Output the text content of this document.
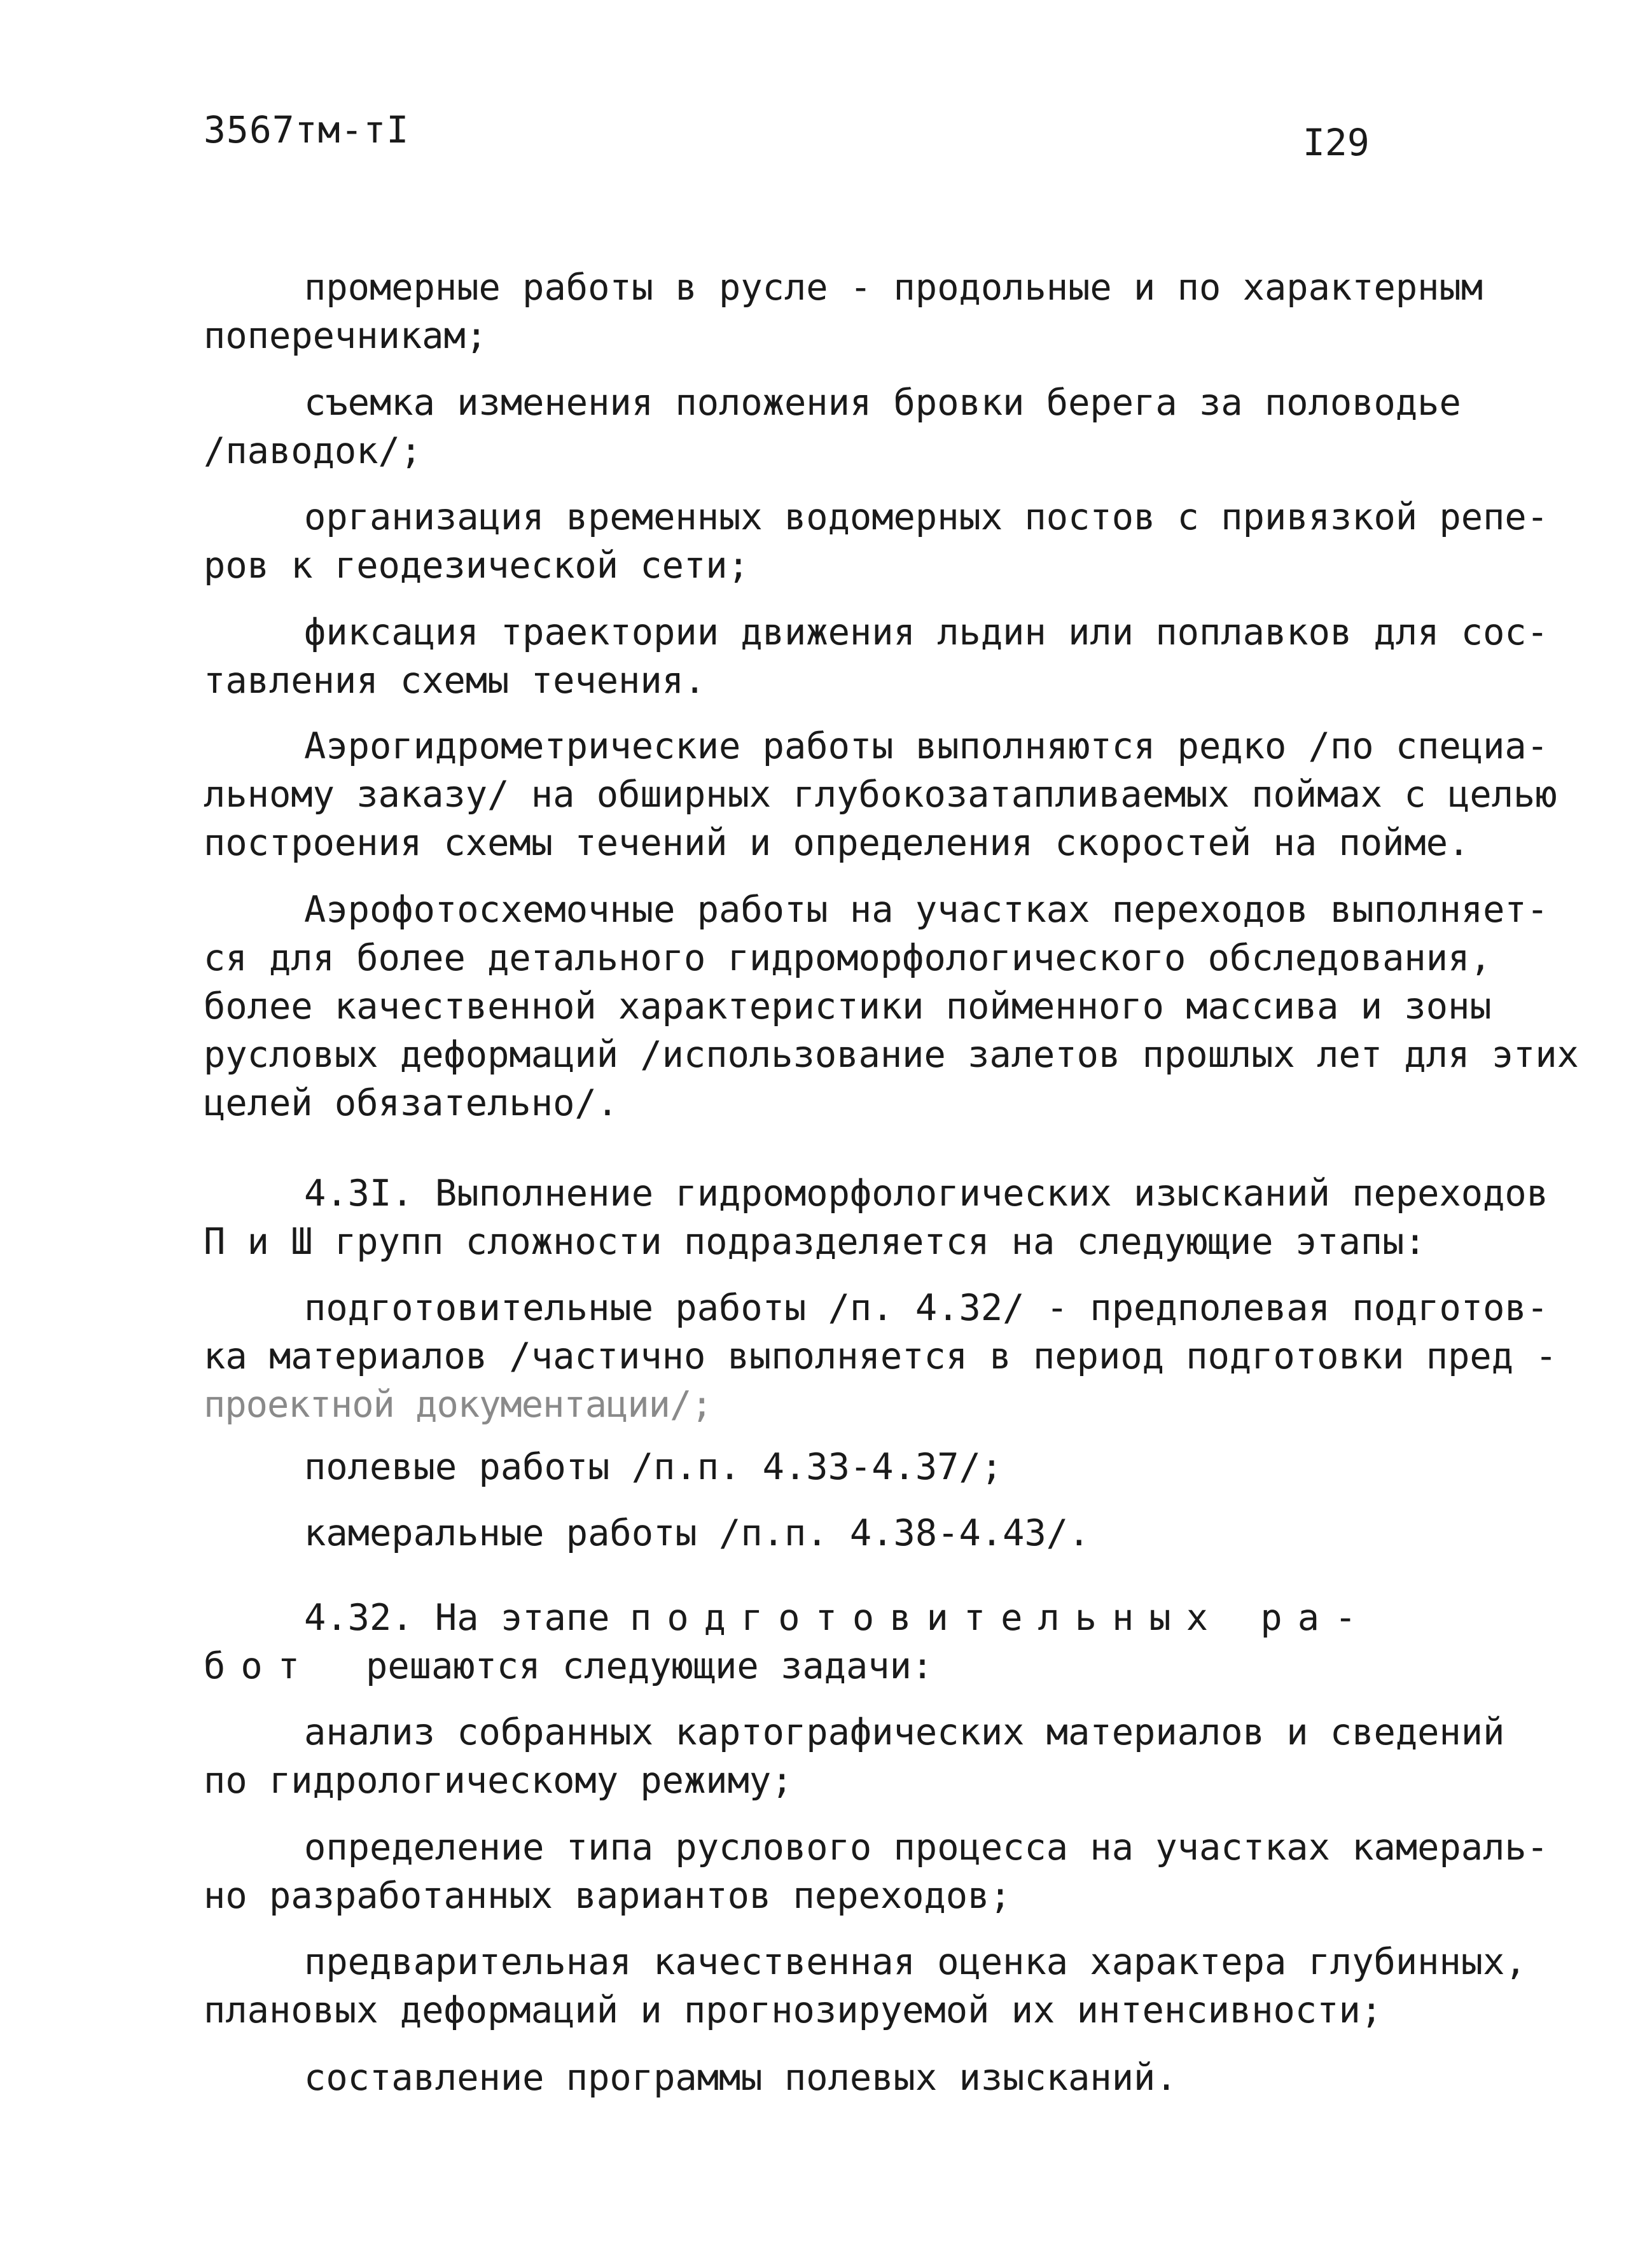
3567тм-тI	I29

промерные работы в русле - продольные и по характерным

поперечникам;

съемка изменения положения бровки берега за половодье

/паводок/;

организация временных водомерных постов с привязкой репе-

ров к геодезической сети;

фиксация траектории движения льдин или поплавков для сос-

тавления схемы течения.

Аэрогидрометрические работы выполняются редко /по специа-

льному заказу/ на обширных глубокозатапливаемых поймах с целью

построения схемы течений и определения скоростей на пойме.

Аэрофотосхемочные работы на участках переходов выполняет-

ся для более детального гидроморфологического обследования,

более качественной характеристики пойменного массива и зоны

русловых деформаций /использование залетов прошлых лет для этих

целей обязательно/.

4.3I. Выполнение гидроморфологических изысканий переходов

П и Ш групп сложности подразделяется на следующие этапы:

подготовительные работы /п. 4.32/ - предполевая подготов-

ка материалов /частично выполняется в период подготовки пред -

проектной документации/;

полевые работы /п.п. 4.33-4.37/;

камеральные работы /п.п. 4.38-4.43/.

4.32. На этапе подготовительных ра-

бот	решаются следующие задачи:

анализ собранных картографических материалов и сведений

по гидрологическому режиму;

определение типа руслового процесса на участках камераль-

но разработанных вариантов переходов;

предварительная качественная оценка характера глубинных,

плановых деформаций и прогнозируемой их интенсивности;

составление программы полевых изысканий.
